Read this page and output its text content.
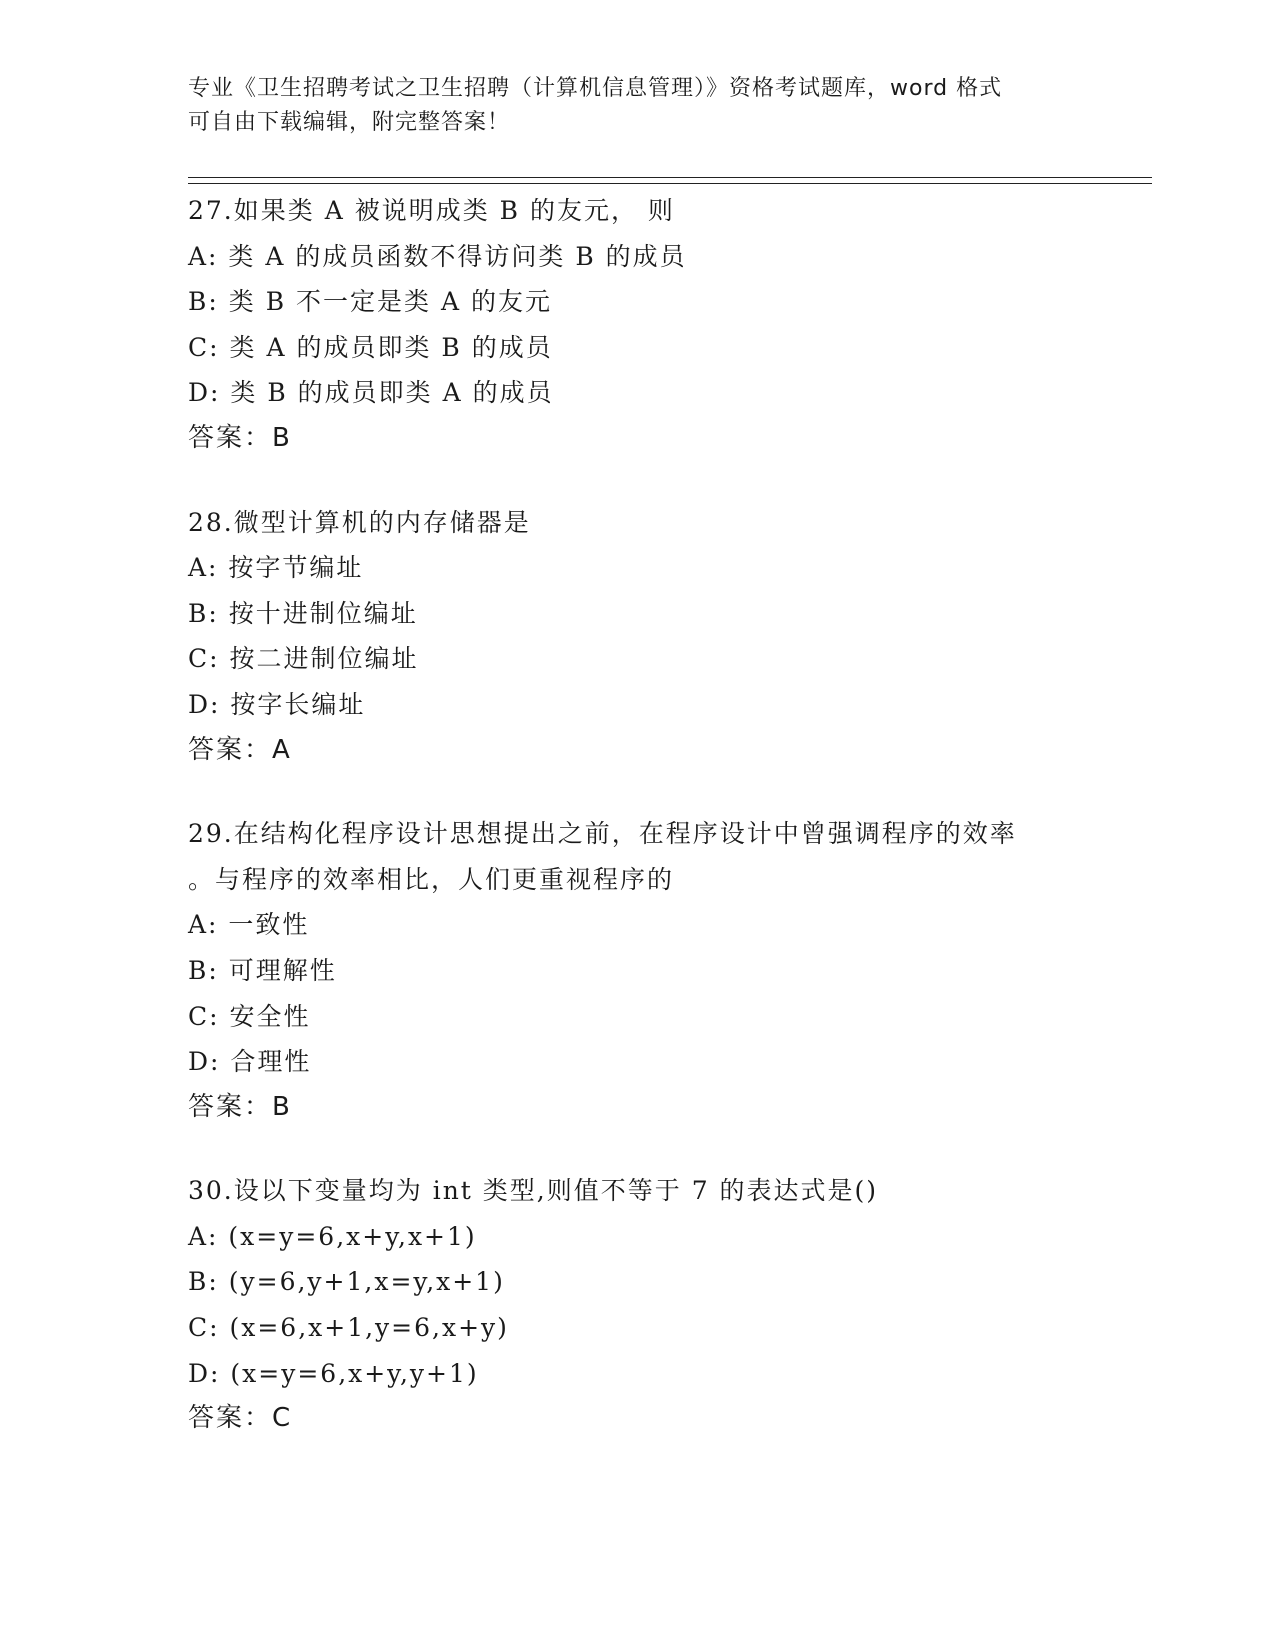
专业《卫生招聘考试之卫生招聘（计算机信息管理）》资格考试题库，word 格式
可自由下载编辑，附完整答案！
27.如果类 A 被说明成类 B 的友元， 则
A: 类 A 的成员函数不得访问类 B 的成员
B: 类 B 不一定是类 A 的友元
C: 类 A 的成员即类 B 的成员
D: 类 B 的成员即类 A 的成员
答案：B
28.微型计算机的内存储器是
A: 按字节编址
B: 按十进制位编址
C: 按二进制位编址
D: 按字长编址
答案：A
29.在结构化程序设计思想提出之前，在程序设计中曾强调程序的效率
。与程序的效率相比，人们更重视程序的
A: 一致性
B: 可理解性
C: 安全性
D: 合理性
答案：B
30.设以下变量均为 int 类型,则值不等于 7 的表达式是()
A: (x=y=6,x+y,x+1)
B: (y=6,y+1,x=y,x+1)
C: (x=6,x+1,y=6,x+y)
D: (x=y=6,x+y,y+1)
答案：C
